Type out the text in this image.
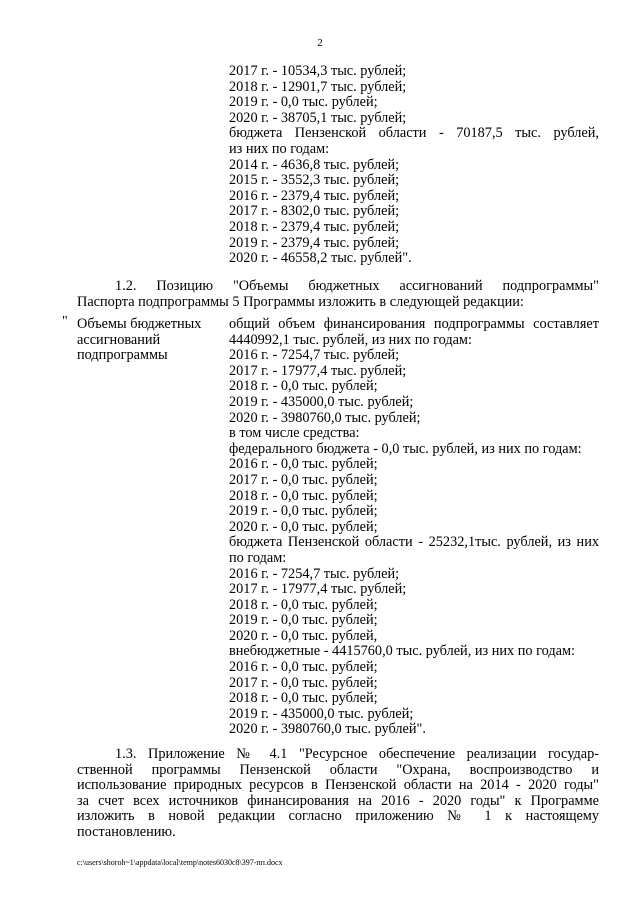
2
2017 г. - 10534,3 тыс. рублей;
2018 г. - 12901,7 тыс. рублей;
2019 г. - 0,0 тыс. рублей;
2020 г. - 38705,1 тыс. рублей;
бюджета Пензенской области - 70187,5 тыс. рублей,
из них по годам:
2014 г. - 4636,8 тыс. рублей;
2015 г. - 3552,3 тыс. рублей;
2016 г. - 2379,4 тыс. рублей;
2017 г. - 8302,0 тыс. рублей;
2018 г. - 2379,4 тыс. рублей;
2019 г. - 2379,4 тыс. рублей;
2020 г. - 46558,2 тыс. рублей".
1.2. Позицию "Объемы бюджетных ассигнований подпрограммы"
Паспорта подпрограммы 5 Программы изложить в следующей редакции:
" Объемы бюджетных
ассигнований
подпрограммы
общий объем финансирования подпрограммы составляет
4440992,1 тыс. рублей, из них по годам:
2016 г. - 7254,7 тыс. рублей;
2017 г. - 17977,4 тыс. рублей;
2018 г. - 0,0 тыс. рублей;
2019 г. - 435000,0 тыс. рублей;
2020 г. - 3980760,0 тыс. рублей;
в том числе средства:
федерального бюджета - 0,0 тыс. рублей, из них по годам:
2016 г. - 0,0 тыс. рублей;
2017 г. - 0,0 тыс. рублей;
2018 г. - 0,0 тыс. рублей;
2019 г. - 0,0 тыс. рублей;
2020 г. - 0,0 тыс. рублей;
бюджета Пензенской области - 25232,1тыс. рублей, из них
по годам:
2016 г. - 7254,7 тыс. рублей;
2017 г. - 17977,4 тыс. рублей;
2018 г. - 0,0 тыс. рублей;
2019 г. - 0,0 тыс. рублей;
2020 г. - 0,0 тыс. рублей,
внебюджетные - 4415760,0 тыс. рублей, из них по годам:
2016 г. - 0,0 тыс. рублей;
2017 г. - 0,0 тыс. рублей;
2018 г. - 0,0 тыс. рублей;
2019 г. - 435000,0 тыс. рублей;
2020 г. - 3980760,0 тыс. рублей".
1.3. Приложение № 4.1 "Ресурсное обеспечение реализации государ-
ственной программы Пензенской области "Охрана, воспроизводство и
использование природных ресурсов в Пензенской области на 2014 - 2020 годы"
за счет всех источников финансирования на 2016 - 2020 годы" к Программе
изложить в новой редакции согласно приложению № 1 к настоящему
постановлению.
c:\users\shoroh~1\appdata\local\temp\notes6030c8\397-пп.docx
